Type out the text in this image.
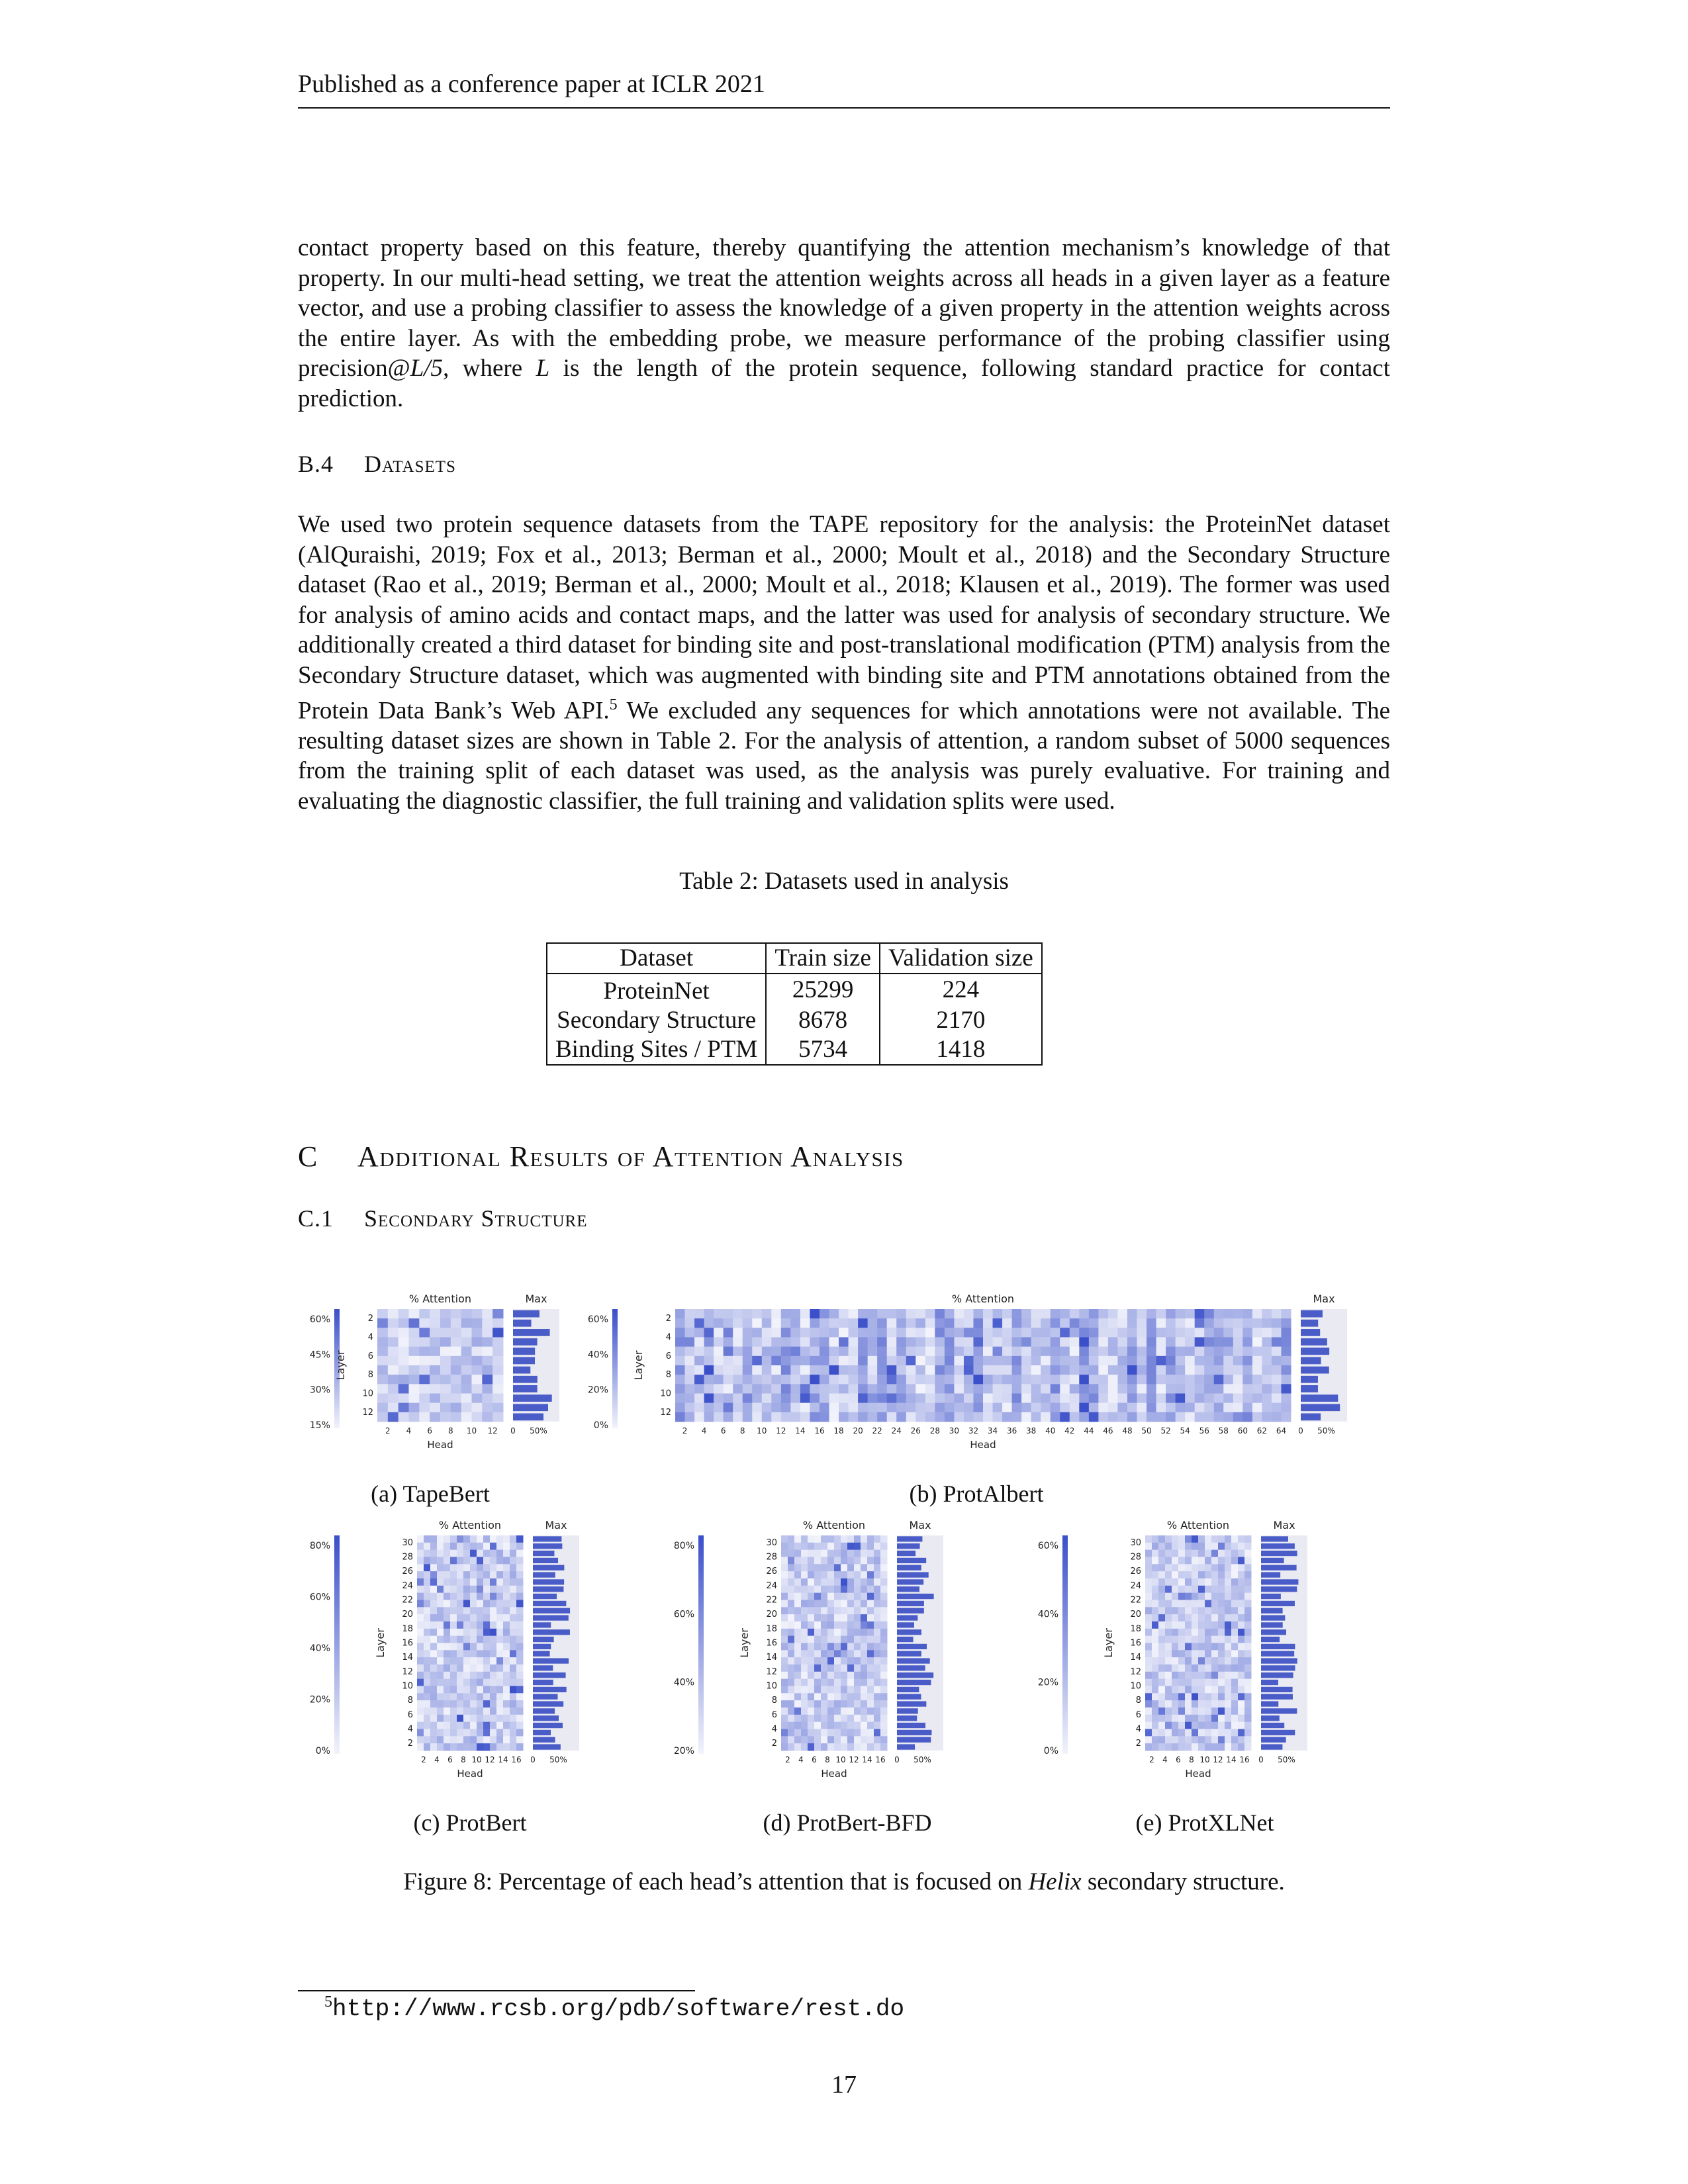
Published as a conference paper at ICLR 2021

contact property based on this feature, thereby quantifying the attention mechanism’s knowledge of that property. In our multi-head setting, we treat the attention weights across all heads in a given layer as a feature vector, and use a probing classifier to assess the knowledge of a given property in the attention weights across the entire layer. As with the embedding probe, we measure performance of the probing classifier using precision@L/5, where L is the length of the protein sequence, following standard practice for contact prediction.

B.4 Datasets

We used two protein sequence datasets from the TAPE repository for the analysis: the ProteinNet dataset (AlQuraishi, 2019; Fox et al., 2013; Berman et al., 2000; Moult et al., 2018) and the Secondary Structure dataset (Rao et al., 2019; Berman et al., 2000; Moult et al., 2018; Klausen et al., 2019). The former was used for analysis of amino acids and contact maps, and the latter was used for analysis of secondary structure. We additionally created a third dataset for binding site and post-translational modification (PTM) analysis from the Secondary Structure dataset, which was augmented with binding site and PTM annotations obtained from the Protein Data Bank’s Web API.$^5$ We excluded any sequences for which annotations were not available. The resulting dataset sizes are shown in Table 2. For the analysis of attention, a random subset of 5000 sequences from the training split of each dataset was used, as the analysis was purely evaluative. For training and evaluating the diagnostic classifier, the full training and validation splits were used.

Table 2: Datasets used in analysis
Dataset	Train size	Validation size
ProteinNet	25299	224
Secondary Structure	8678	2170
Binding Sites / PTM	5734	1418
C Additional Results of Attention Analysis
C.1 Secondary Structure
60%
45%
30%
15%
Layer
% Attention
2
4
6
8
10
12
2 4 6 8 10 12
Head
Max
0 50%
60%
40%
20%
0%
Layer
% Attention
2
4
6
8
10
12
2 4 6 8 10 12 14 16 18 20 22 24 26 28 30 32 34 36 38 40 42 44 46 48 50 52 54 56 58 60 62 64
Head
Max
0 50%
(a) TapeBert	(b) ProtAlbert
80%
60%
40%
20%
0%
Layer
% Attention
30
28
26
24
22
20
18
16
14
12
10
8
6
4
2
2 4 6 8 10 12 14 16
Head
Max
0 50%
80%
60%
40%
20%
Layer
% Attention
30
28
26
24
22
20
18
16
14
12
10
8
6
4
2
2 4 6 8 10 12 14 16
Head
Max
0 50%
60%
40%
20%
0%
Layer
% Attention
30
28
26
24
22
20
18
16
14
12
10
8
6
4
2
2 4 6 8 10 12 14 16
Head
Max
0 50%
(c) ProtBert	(d) ProtBert-BFD	(e) ProtXLNet
Figure 8: Percentage of each head’s attention that is focused on Helix secondary structure.
$^5$http://www.rcsb.org/pdb/software/rest.do
17
